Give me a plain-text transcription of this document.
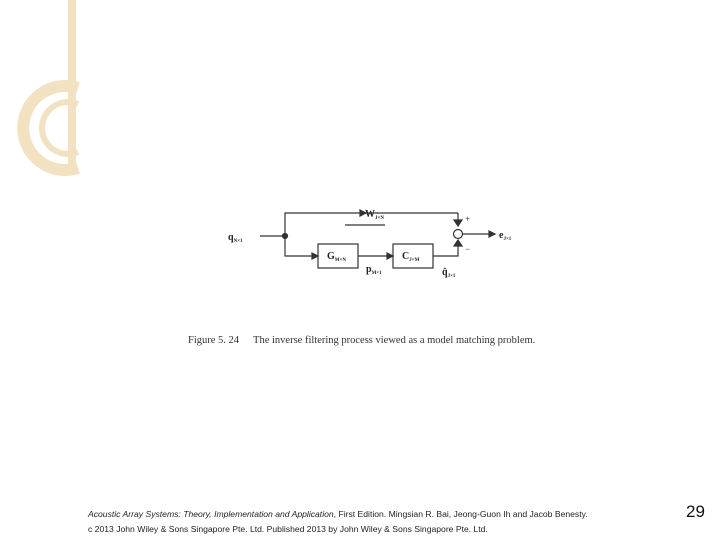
$q_{N\times 1}$
$W_{J\times N}$
$G_{M\times N}$	$C_{J\times M}$
$p_{M\times 1}$	$q̂_{J\times 1}$
$e_{J\times 1}$
+
−
Figure 5. 24 The inverse filtering process viewed as a model matching problem.
Acoustic Array Systems: Theory, Implementation and Application, First Edition. Mingsian R. Bai, Jeong-Guon Ih and Jacob Benesty.
c 2013 John Wiley & Sons Singapore Pte. Ltd. Published 2013 by John Wiley & Sons Singapore Pte. Ltd.
29
